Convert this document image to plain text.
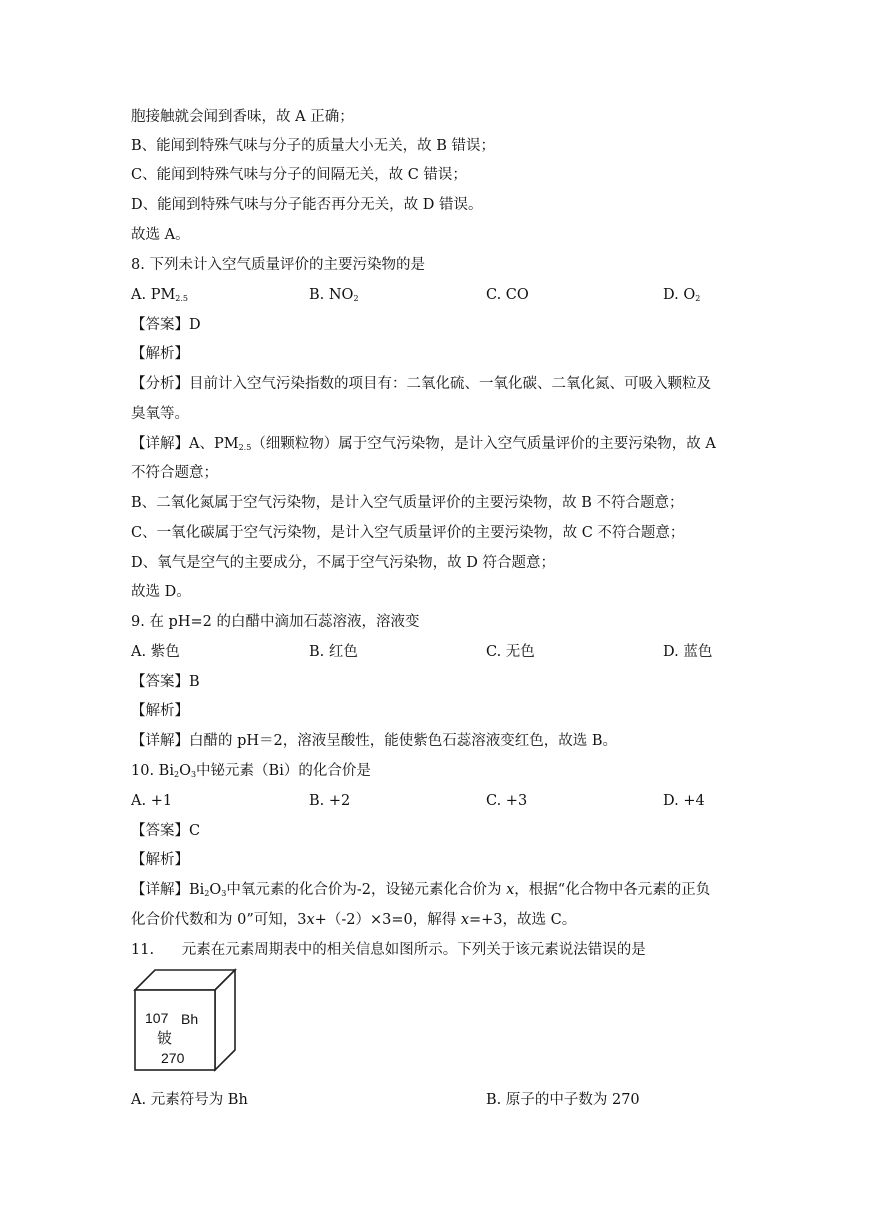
胞接触就会闻到香味，故 A 正确；
B、能闻到特殊气味与分子的质量大小无关，故 B 错误；
C、能闻到特殊气味与分子的间隔无关，故 C 错误；
D、能闻到特殊气味与分子能否再分无关，故 D 错误。
故选 A。
8. 下列未计入空气质量评价的主要污染物的是
A. $PM_{2.5}$	B. $NO_2$	C. CO	D. $O_2$
【答案】D
【解析】
【分析】目前计入空气污染指数的项目有：二氧化硫、一氧化碳、二氧化氮、可吸入颗粒及
臭氧等。
【详解】A、$PM_{2.5}$（细颗粒物）属于空气污染物，是计入空气质量评价的主要污染物，故 A
不符合题意；
B、二氧化氮属于空气污染物，是计入空气质量评价的主要污染物，故 B 不符合题意；
C、一氧化碳属于空气污染物，是计入空气质量评价的主要污染物，故 C 不符合题意；
D、氧气是空气的主要成分，不属于空气污染物，故 D 符合题意；
故选 D。
9. 在 pH=2 的白醋中滴加石蕊溶液，溶液变
A. 紫色	B. 红色	C. 无色	D. 蓝色
【答案】B
【解析】
【详解】白醋的 pH＝2，溶液呈酸性，能使紫色石蕊溶液变红色，故选 B。
10. $Bi_2O_3$中铋元素（Bi）的化合价是
A. +1	B. +2	C. +3	D. +4
【答案】C
【解析】
【详解】$Bi_2O_3$中氧元素的化合价为-2，设铋元素化合价为 x，根据“化合物中各元素的正负
化合价代数和为 0”可知，3x+（-2）×3=0，解得 x=+3，故选 C。
11.      元素在元素周期表中的相关信息如图所示。下列关于该元素说法错误的是
107 Bh
铍
270
A. 元素符号为 Bh	B. 原子的中子数为 270
